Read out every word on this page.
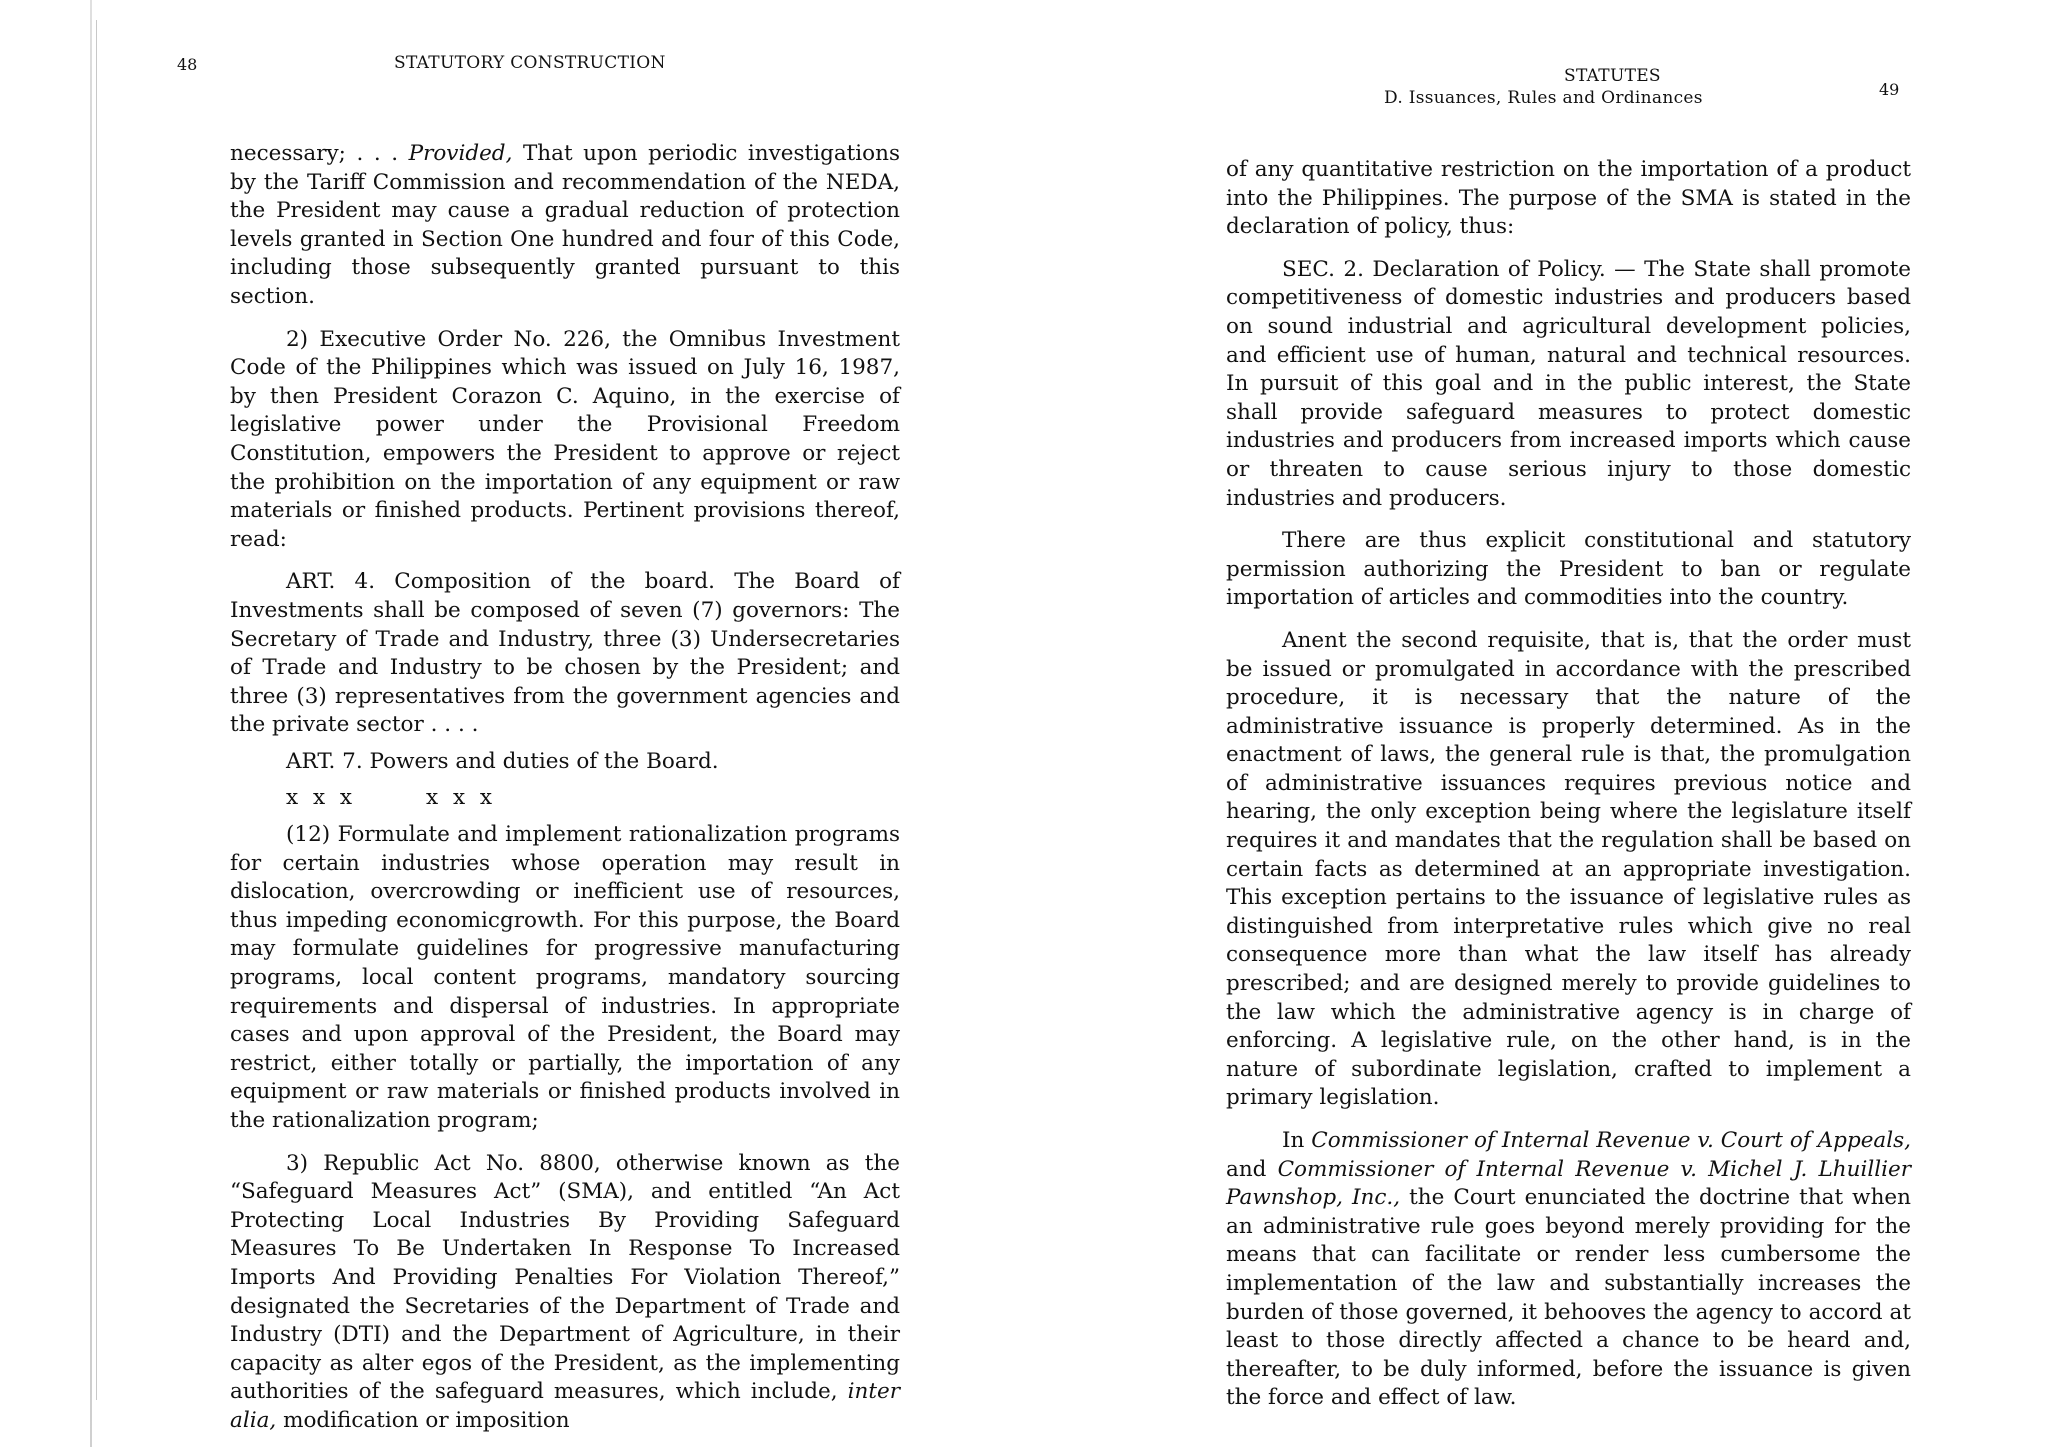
48	STATUTORY CONSTRUCTION

necessary; . . . Provided, That upon periodic investigations by the Tariff Commission and recommendation of the NEDA, the President may cause a gradual reduction of protection levels granted in Section One hundred and four of this Code, including those subsequently granted pursuant to this section.

2) Executive Order No. 226, the Omnibus Investment Code of the Philippines which was issued on July 16, 1987, by then President Corazon C. Aquino, in the exercise of legislative power under the Provisional Freedom Constitution, empowers the President to approve or reject the prohibition on the importation of any equipment or raw materials or finished products. Pertinent provisions thereof, read:

ART. 4. Composition of the board. The Board of Investments shall be composed of seven (7) governors: The Secretary of Trade and Industry, three (3) Undersecretaries of Trade and Industry to be chosen by the President; and three (3) representatives from the government agencies and the private sector . . . .

ART. 7. Powers and duties of the Board.

x x x	x x x

(12) Formulate and implement rationalization programs for certain industries whose operation may result in dislocation, overcrowding or inefficient use of resources, thus impeding economicgrowth. For this purpose, the Board may formulate guidelines for progressive manufacturing programs, local content programs, mandatory sourcing requirements and dispersal of industries. In appropriate cases and upon approval of the President, the Board may restrict, either totally or partially, the importation of any equipment or raw materials or finished products involved in the rationalization program;

3) Republic Act No. 8800, otherwise known as the “Safeguard Measures Act” (SMA), and entitled “An Act Protecting Local Industries By Providing Safeguard Measures To Be Undertaken In Response To Increased Imports And Providing Penalties For Violation Thereof,” designated the Secretaries of the Department of Trade and Industry (DTI) and the Department of Agriculture, in their capacity as alter egos of the President, as the implementing authorities of the safeguard measures, which include, inter alia, modification or imposition

STATUTES
D. Issuances, Rules and Ordinances	49

of any quantitative restriction on the importation of a product into the Philippines. The purpose of the SMA is stated in the declaration of policy, thus:

SEC. 2. Declaration of Policy. — The State shall promote competitiveness of domestic industries and producers based on sound industrial and agricultural development policies, and efficient use of human, natural and technical resources. In pursuit of this goal and in the public interest, the State shall provide safeguard measures to protect domestic industries and producers from increased imports which cause or threaten to cause serious injury to those domestic industries and producers.

There are thus explicit constitutional and statutory permission authorizing the President to ban or regulate importation of articles and commodities into the country.

Anent the second requisite, that is, that the order must be issued or promulgated in accordance with the prescribed procedure, it is necessary that the nature of the administrative issuance is properly determined. As in the enactment of laws, the general rule is that, the promulgation of administrative issuances requires previous notice and hearing, the only exception being where the legislature itself requires it and mandates that the regulation shall be based on certain facts as determined at an appropriate investigation. This exception pertains to the issuance of legislative rules as distinguished from interpretative rules which give no real consequence more than what the law itself has already prescribed; and are designed merely to provide guidelines to the law which the administrative agency is in charge of enforcing. A legislative rule, on the other hand, is in the nature of subordinate legislation, crafted to implement a primary legislation.

In Commissioner of Internal Revenue v. Court of Appeals, and Commissioner of Internal Revenue v. Michel J. Lhuillier Pawnshop, Inc., the Court enunciated the doctrine that when an administrative rule goes beyond merely providing for the means that can facilitate or render less cumbersome the implementation of the law and substantially increases the burden of those governed, it behooves the agency to accord at least to those directly affected a chance to be heard and, thereafter, to be duly informed, before the issuance is given the force and effect of law.
